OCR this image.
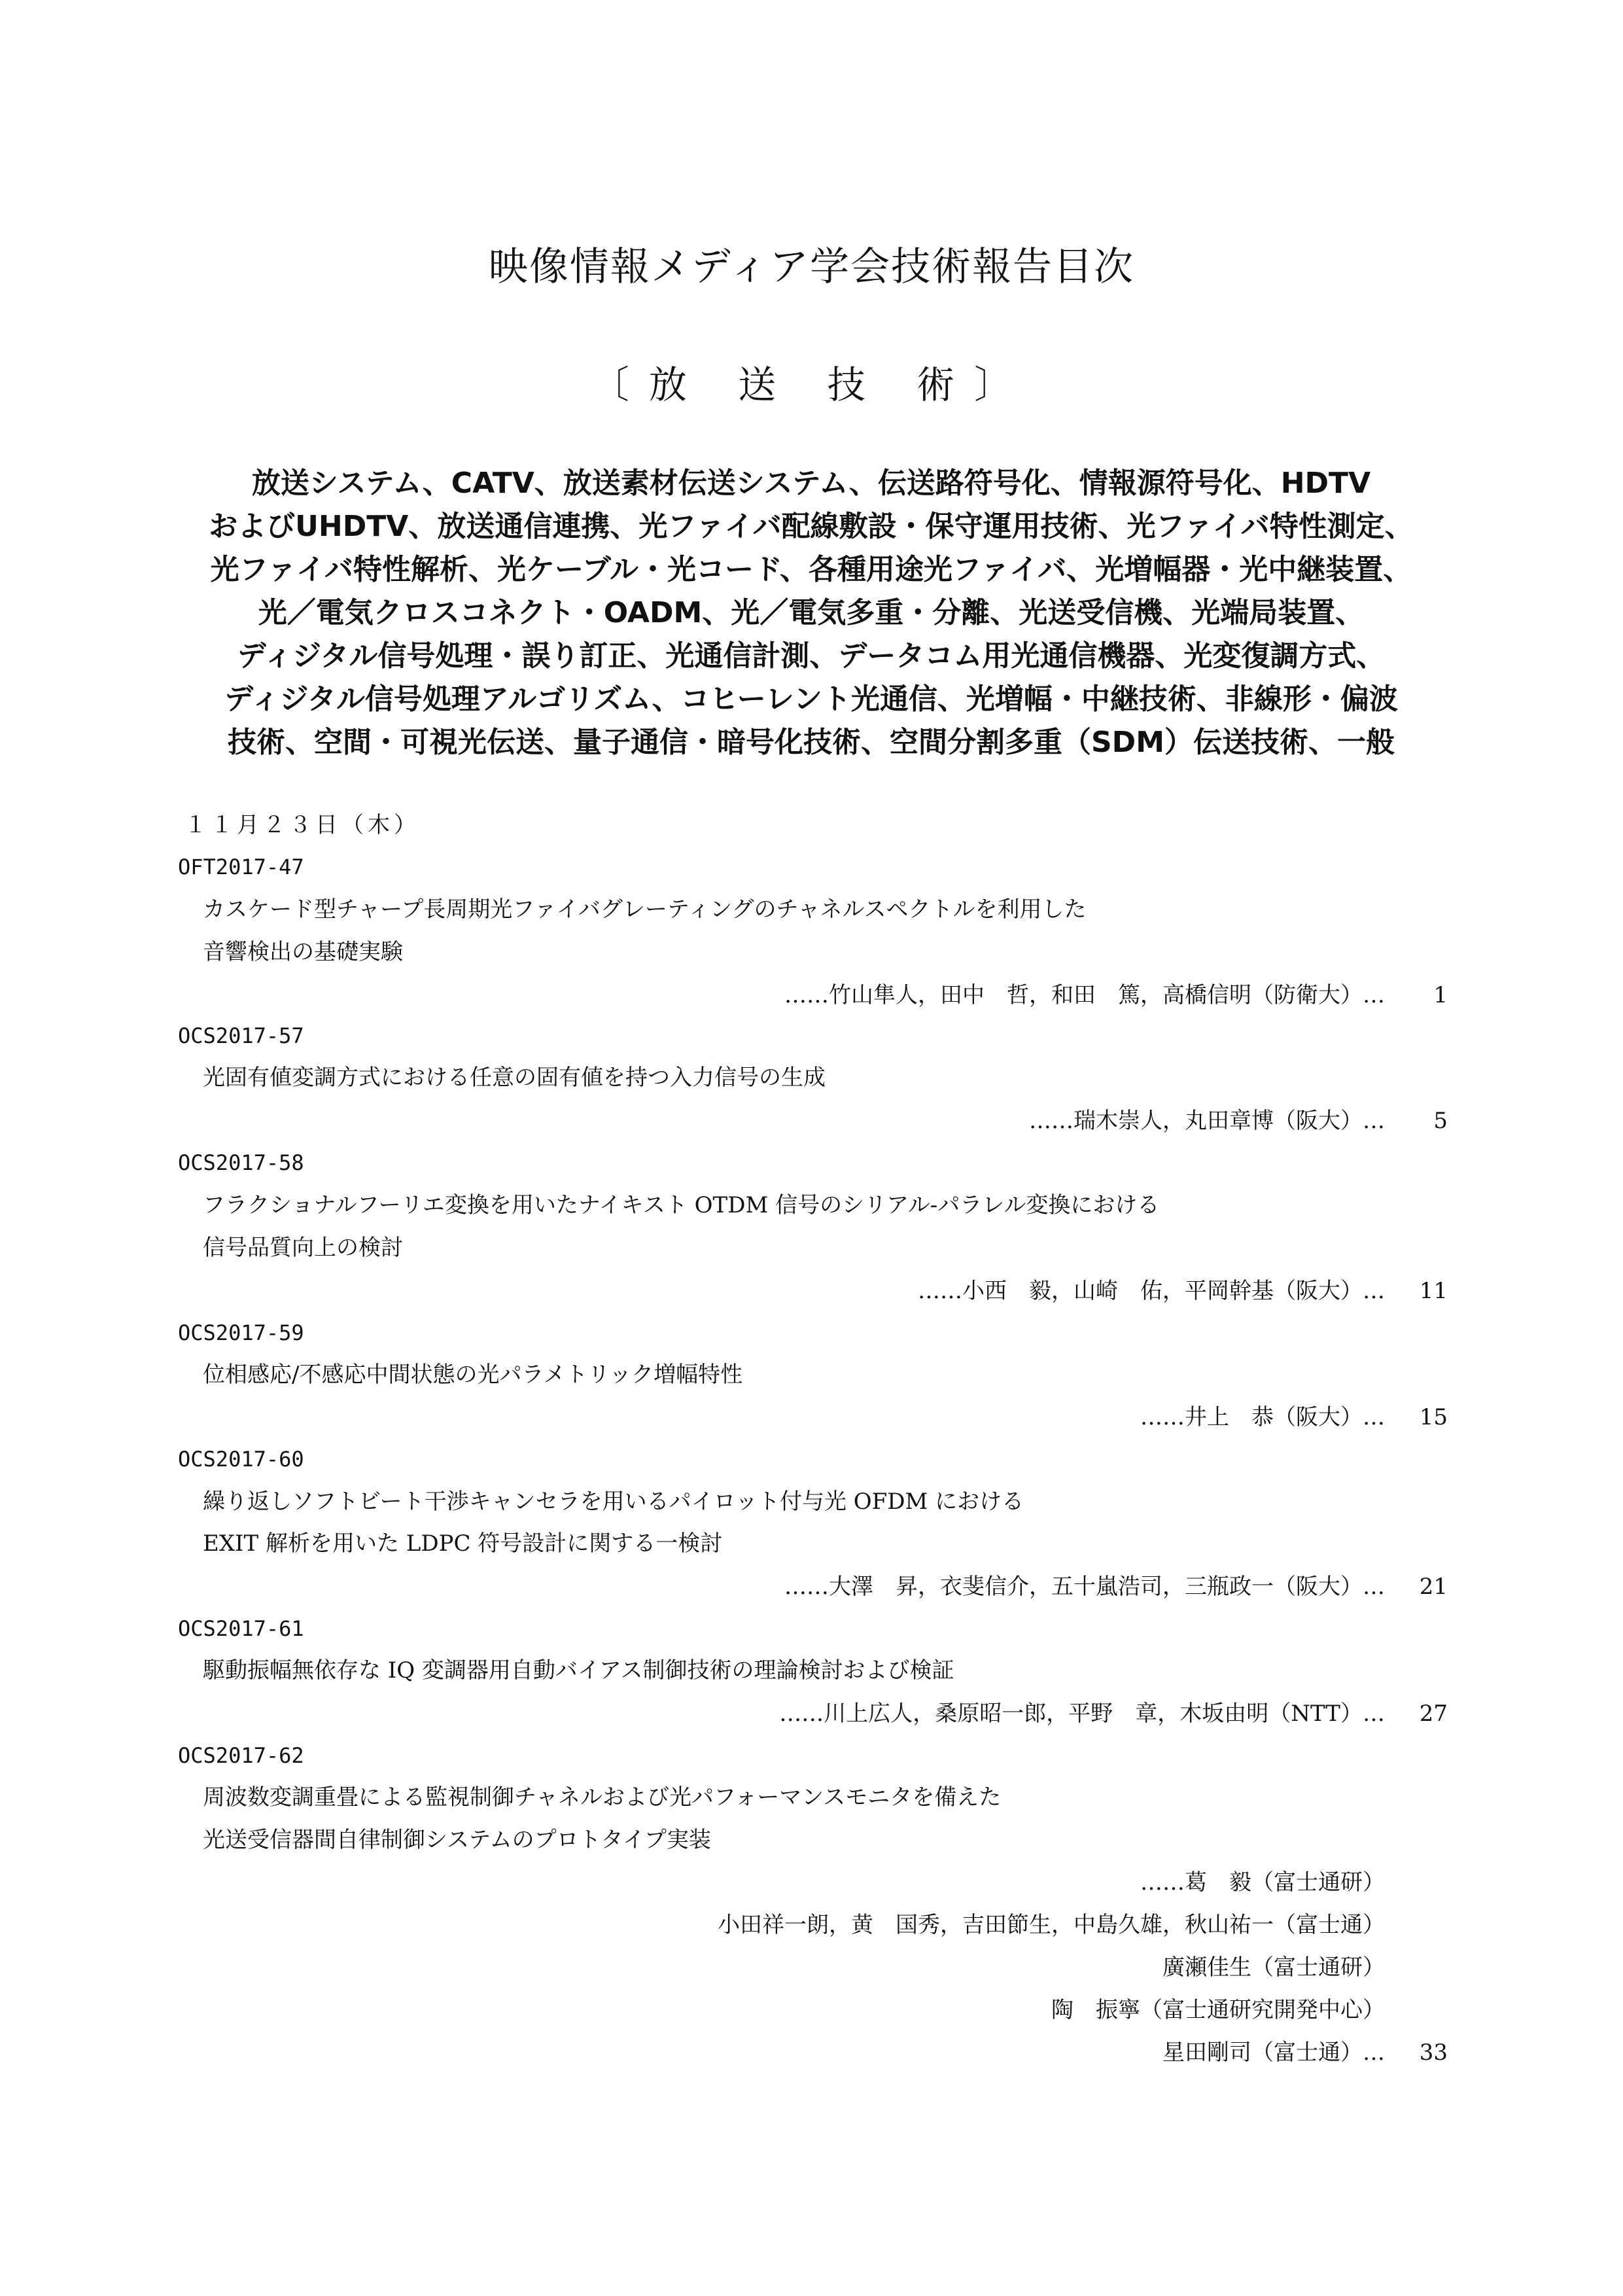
映像情報メディア学会技術報告目次
〔放 送 技 術〕
放送システム、CATV、放送素材伝送システム、伝送路符号化、情報源符号化、HDTV
およびUHDTV、放送通信連携、光ファイバ配線敷設・保守運用技術、光ファイバ特性測定、
光ファイバ特性解析、光ケーブル・光コード、各種用途光ファイバ、光増幅器・光中継装置、
光／電気クロスコネクト・OADM、光／電気多重・分離、光送受信機、光端局装置、
ディジタル信号処理・誤り訂正、光通信計測、データコム用光通信機器、光変復調方式、
ディジタル信号処理アルゴリズム、コヒーレント光通信、光増幅・中継技術、非線形・偏波
技術、空間・可視光伝送、量子通信・暗号化技術、空間分割多重（SDM）伝送技術、一般
１１月２３日（木）
OFT2017-47
カスケード型チャープ長周期光ファイバグレーティングのチャネルスペクトルを利用した
音響検出の基礎実験
……竹山隼人，田中　哲，和田　篤，高橋信明（防衛大）… 1
OCS2017-57
光固有値変調方式における任意の固有値を持つ入力信号の生成
……瑞木崇人，丸田章博（阪大）… 5
OCS2017-58
フラクショナルフーリエ変換を用いたナイキスト OTDM 信号のシリアル-パラレル変換における
信号品質向上の検討
……小西　毅，山崎　佑，平岡幹基（阪大）… 11
OCS2017-59
位相感応/不感応中間状態の光パラメトリック増幅特性
……井上　恭（阪大）… 15
OCS2017-60
繰り返しソフトビート干渉キャンセラを用いるパイロット付与光 OFDM における
EXIT 解析を用いた LDPC 符号設計に関する一検討
……大澤　昇，衣斐信介，五十嵐浩司，三瓶政一（阪大）… 21
OCS2017-61
駆動振幅無依存な IQ 変調器用自動バイアス制御技術の理論検討および検証
……川上広人，桑原昭一郎，平野　章，木坂由明（NTT）… 27
OCS2017-62
周波数変調重畳による監視制御チャネルおよび光パフォーマンスモニタを備えた
光送受信器間自律制御システムのプロトタイプ実装
……葛　毅（富士通研）
小田祥一朗，黄　国秀，吉田節生，中島久雄，秋山祐一（富士通）
廣瀬佳生（富士通研）
陶　振寧（富士通研究開発中心）
星田剛司（富士通）… 33
